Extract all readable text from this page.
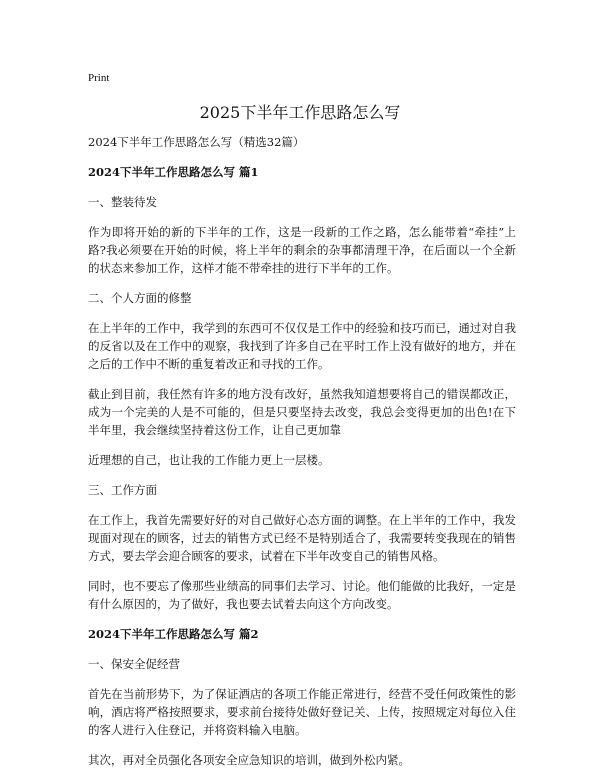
Print
2025下半年工作思路怎么写

2024下半年工作思路怎么写（精选32篇）

2024下半年工作思路怎么写 篇1

一、整装待发

作为即将开始的新的下半年的工作，这是一段新的工作之路，怎么能带着“牵挂”上路?我必须要在开始的时候，将上半年的剩余的杂事都清理干净，在后面以一个全新的状态来参加工作，这样才能不带牵挂的进行下半年的工作。

二、个人方面的修整

在上半年的工作中，我学到的东西可不仅仅是工作中的经验和技巧而已，通过对自我的反省以及在工作中的观察，我找到了许多自己在平时工作上没有做好的地方，并在之后的工作中不断的重复着改正和寻找的工作。

截止到目前，我任然有许多的地方没有改好，虽然我知道想要将自己的错误都改正，成为一个完美的人是不可能的，但是只要坚持去改变，我总会变得更加的出色!在下半年里，我会继续坚持着这份工作，让自己更加靠

近理想的自己，也让我的工作能力更上一层楼。

三、工作方面

在工作上，我首先需要好好的对自己做好心态方面的调整。在上半年的工作中，我发现面对现在的顾客，过去的销售方式已经不是特别适合了，我需要转变我现在的销售方式，要去学会迎合顾客的要求，试着在下半年改变自己的销售风格。

同时，也不要忘了像那些业绩高的同事们去学习、讨论。他们能做的比我好，一定是有什么原因的，为了做好，我也要去试着去向这个方向改变。

2024下半年工作思路怎么写 篇2

一、保安全促经营

首先在当前形势下，为了保证酒店的各项工作能正常进行，经营不受任何政策性的影响，酒店将严格按照要求，要求前台接待处做好登记关、上传，按照规定对每位入住的客人进行入住登记，并将资料输入电脑。

其次，再对全员强化各项安全应急知识的培训，做到外松内紧。
